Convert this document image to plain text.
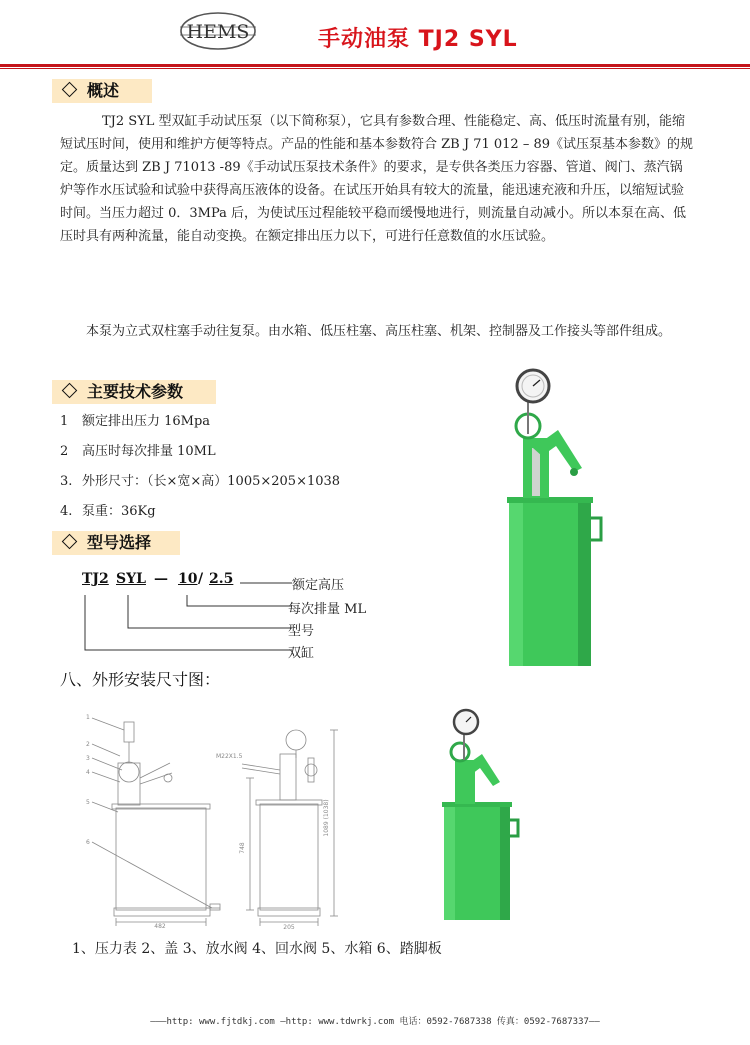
HEMS	手动油泵 TJ2 SYL
概述
TJ2 SYL 型双缸手动试压泵（以下简称泵），它具有参数合理、性能稳定、高、低压时流量有别，能缩短试压时间，使用和维护方便等特点。产品的性能和基本参数符合 ZB J 71 012 – 89《试压泵基本参数》的规定。质量达到 ZB J 71013 -89《手动试压泵技术条件》的要求，是专供各类压力容器、管道、阀门、蒸汽锅炉等作水压试验和试验中获得高压液体的设备。在试压开始具有较大的流量，能迅速充液和升压，以缩短试验时间。当压力超过 0．3MPa 后，为使试压过程能较平稳而缓慢地进行，则流量自动减小。所以本泵在高、低压时具有两种流量，能自动变换。在额定排出压力以下，可进行任意数值的水压试验。
本泵为立式双柱塞手动往复泵。由水箱、低压柱塞、高压柱塞、机架、控制器及工作接头等部件组成。
主要技术参数
1 额定排出压力 16Mpa
2 高压时每次排量 10ML
3. 外形尺寸：（长×宽×高）1005×205×1038
4. 泵重：36Kg
型号选择
TJ2 SYL — 10 / 2.5	额定高压
每次排量 ML
型号
双缸
八、外形安装尺寸图：
1
2
3
4
5
6
482
M22X1.5
205
748
1089 (1038)
1、压力表 2、盖 3、放水阀 4、回水阀 5、水箱 6、踏脚板
———http: www.fjtdkj.com —http: www.tdwrkj.com 电话：0592-7687338 传真：0592-7687337——
